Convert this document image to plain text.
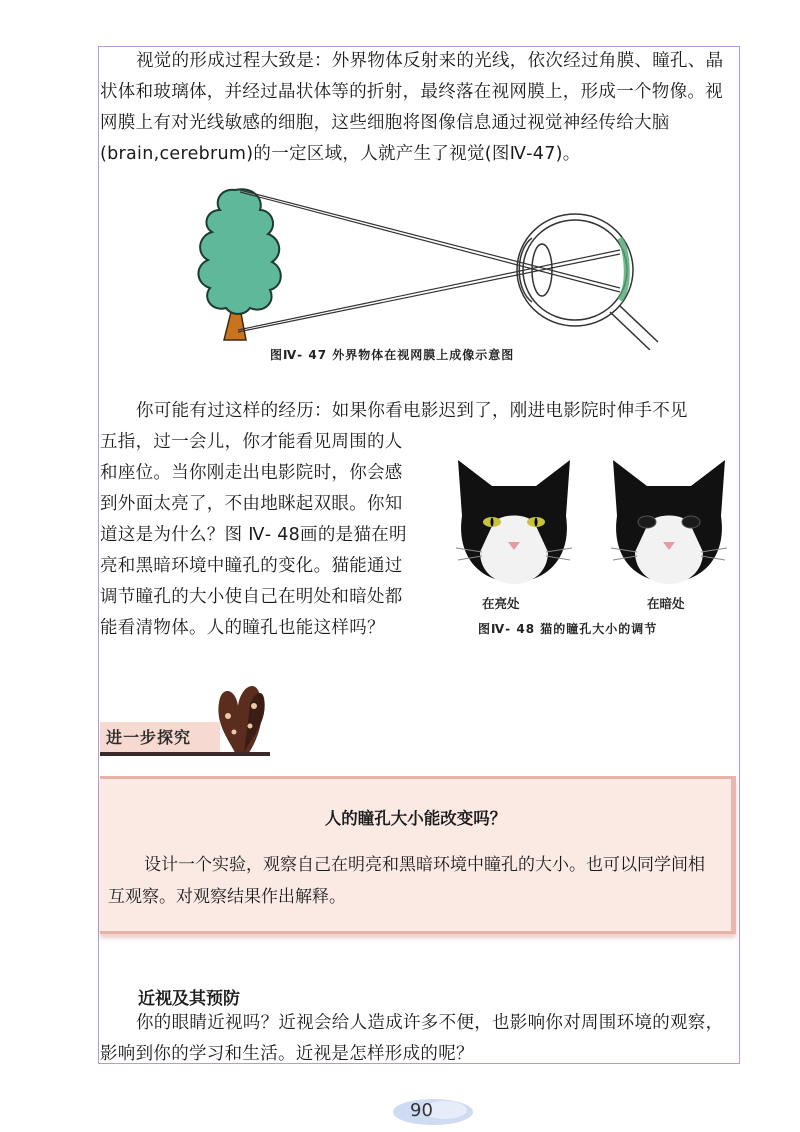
视觉的形成过程大致是：外界物体反射来的光线，依次经过角膜、瞳孔、晶状体和玻璃体，并经过晶状体等的折射，最终落在视网膜上，形成一个物像。视网膜上有对光线敏感的细胞，这些细胞将图像信息通过视觉神经传给大脑(brain,cerebrum)的一定区域，人就产生了视觉(图Ⅳ-47)。

图Ⅳ- 47 外界物体在视网膜上成像示意图

你可能有过这样的经历：如果你看电影迟到了，刚进电影院时伸手不见

五指，过一会儿，你才能看见周围的人和座位。当你刚走出电影院时，你会感到外面太亮了，不由地眯起双眼。你知道这是为什么？图 Ⅳ- 48画的是猫在明亮和黑暗环境中瞳孔的变化。猫能通过调节瞳孔的大小使自己在明处和暗处都能看清物体。人的瞳孔也能这样吗？

在亮处	在暗处
图Ⅳ- 48 猫的瞳孔大小的调节
进一步探究
人的瞳孔大小能改变吗？

设计一个实验，观察自己在明亮和黑暗环境中瞳孔的大小。也可以同学间相互观察。对观察结果作出解释。

近视及其预防

你的眼睛近视吗？近视会给人造成许多不便，也影响你对周围环境的观察，影响到你的学习和生活。近视是怎样形成的呢？

90
